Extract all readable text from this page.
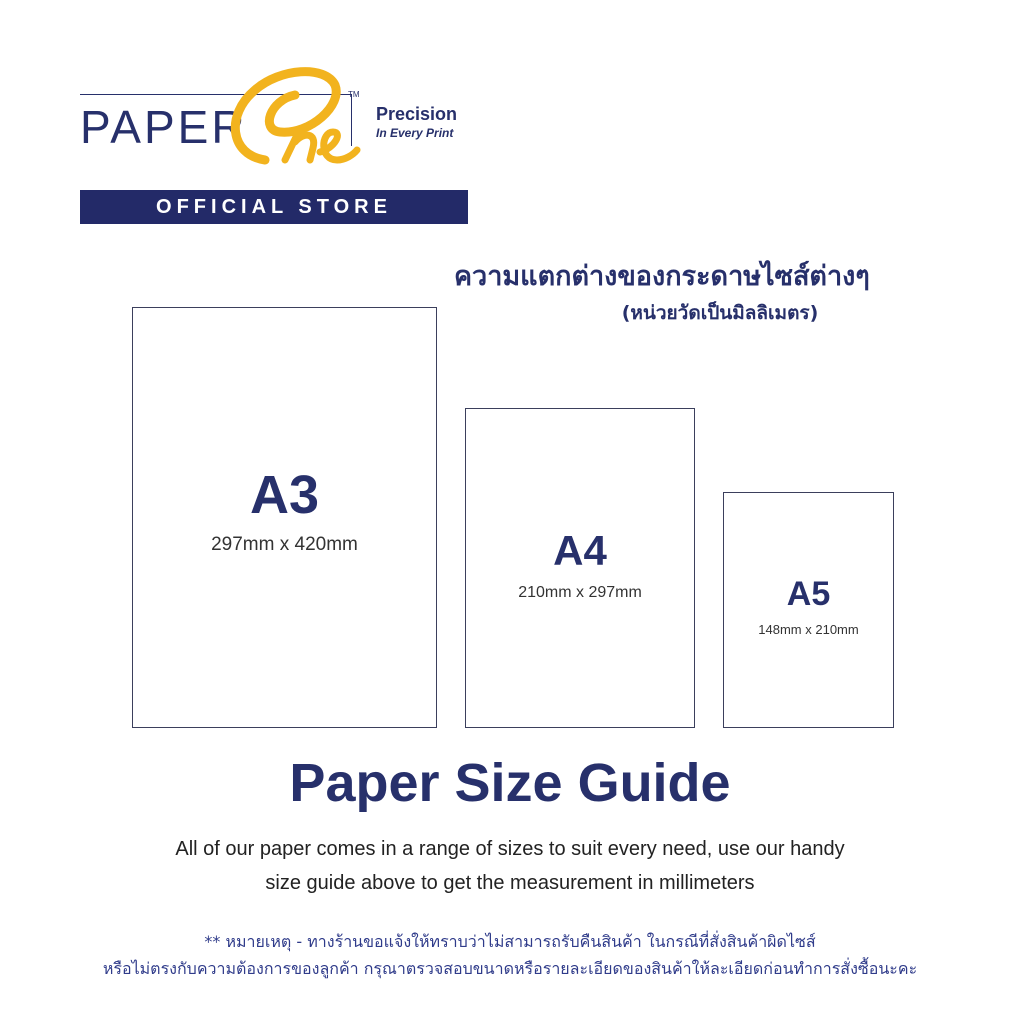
PAPER
TM
Precision
In Every Print
OFFICIAL STORE
ความแตกต่างของกระดาษไซส์ต่างๆ
(หน่วยวัดเป็นมิลลิเมตร)
A3
297mm x 420mm	A4
210mm x 297mm	A5
148mm x 210mm
Paper Size Guide
All of our paper comes in a range of sizes to suit every need, use our handy
size guide above to get the measurement in millimeters
** หมายเหตุ - ทางร้านขอแจ้งให้ทราบว่าไม่สามารถรับคืนสินค้า ในกรณีที่สั่งสินค้าผิดไซส์
หรือไม่ตรงกับความต้องการของลูกค้า กรุณาตรวจสอบขนาดหรือรายละเอียดของสินค้าให้ละเอียดก่อนทำการสั่งซื้อนะคะ
